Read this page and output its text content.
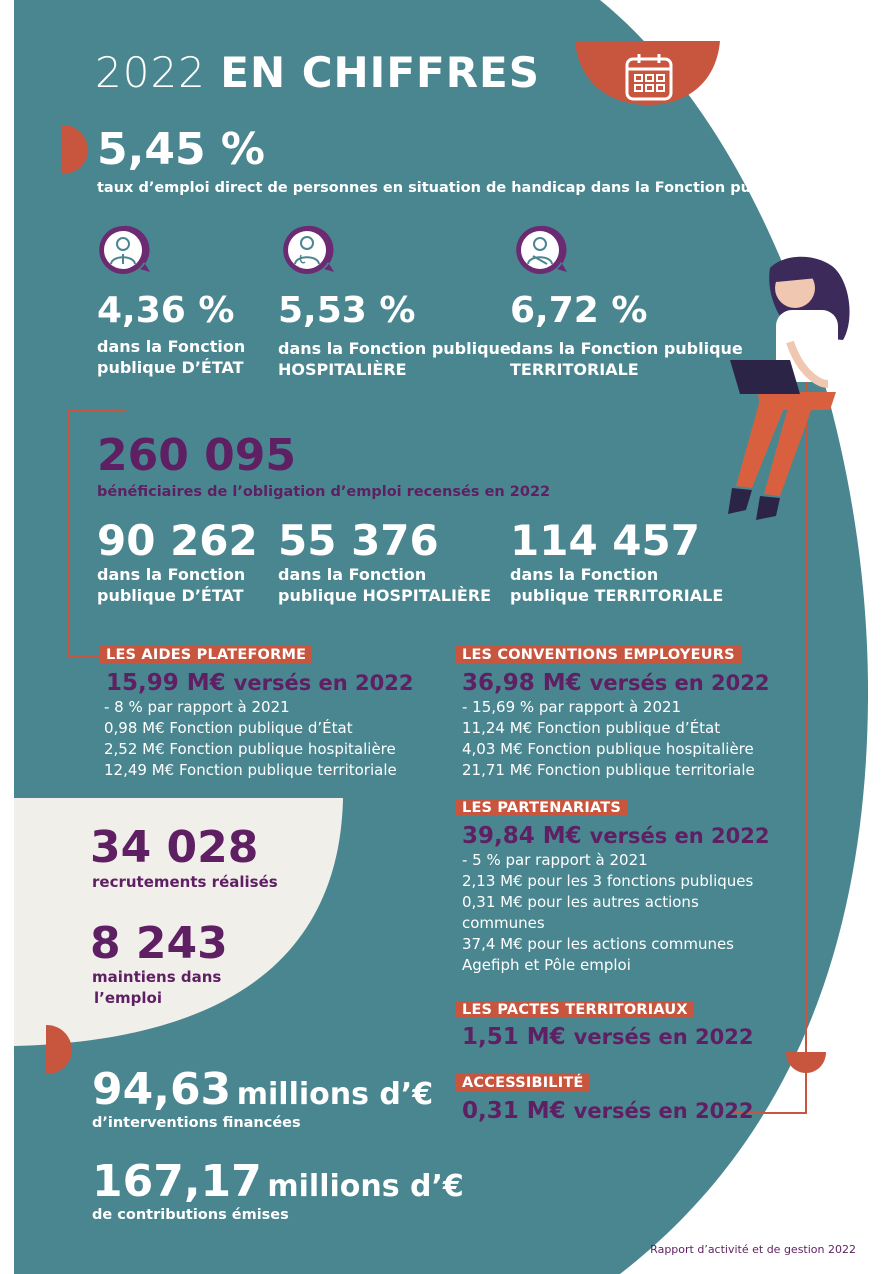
2022 EN CHIFFRES
5,45 %
taux d’emploi direct de personnes en situation de handicap dans la Fonction publique
4,36 %
dans la Fonction
publique D’ÉTAT
5,53 %
dans la Fonction publique
HOSPITALIÈRE
6,72 %
dans la Fonction publique
TERRITORIALE
260 095
bénéficiaires de l’obligation d’emploi recensés en 2022
90 262
dans la Fonction
publique D’ÉTAT
55 376
dans la Fonction
publique HOSPITALIÈRE
114 457
dans la Fonction
publique TERRITORIALE
LES AIDES PLATEFORME
15,99 M€ versés en 2022
- 8 % par rapport à 2021
0,98 M€ Fonction publique d’État
2,52 M€ Fonction publique hospitalière
12,49 M€ Fonction publique territoriale
LES CONVENTIONS EMPLOYEURS
36,98 M€ versés en 2022
- 15,69 % par rapport à 2021
11,24 M€ Fonction publique d’État
4,03 M€ Fonction publique hospitalière
21,71 M€ Fonction publique territoriale
LES PARTENARIATS
39,84 M€ versés en 2022
- 5 % par rapport à 2021
2,13 M€ pour les 3 fonctions publiques
0,31 M€ pour les autres actions
communes
37,4 M€ pour les actions communes
Agefiph et Pôle emploi
LES PACTES TERRITORIAUX
1,51 M€ versés en 2022
ACCESSIBILITÉ
0,31 M€ versés en 2022
34 028
recrutements réalisés
8 243
maintiens dans
l’emploi
94,63 millions d’€
d’interventions financées
167,17 millions d’€
de contributions émises
Rapport d’activité et de gestion 2022
